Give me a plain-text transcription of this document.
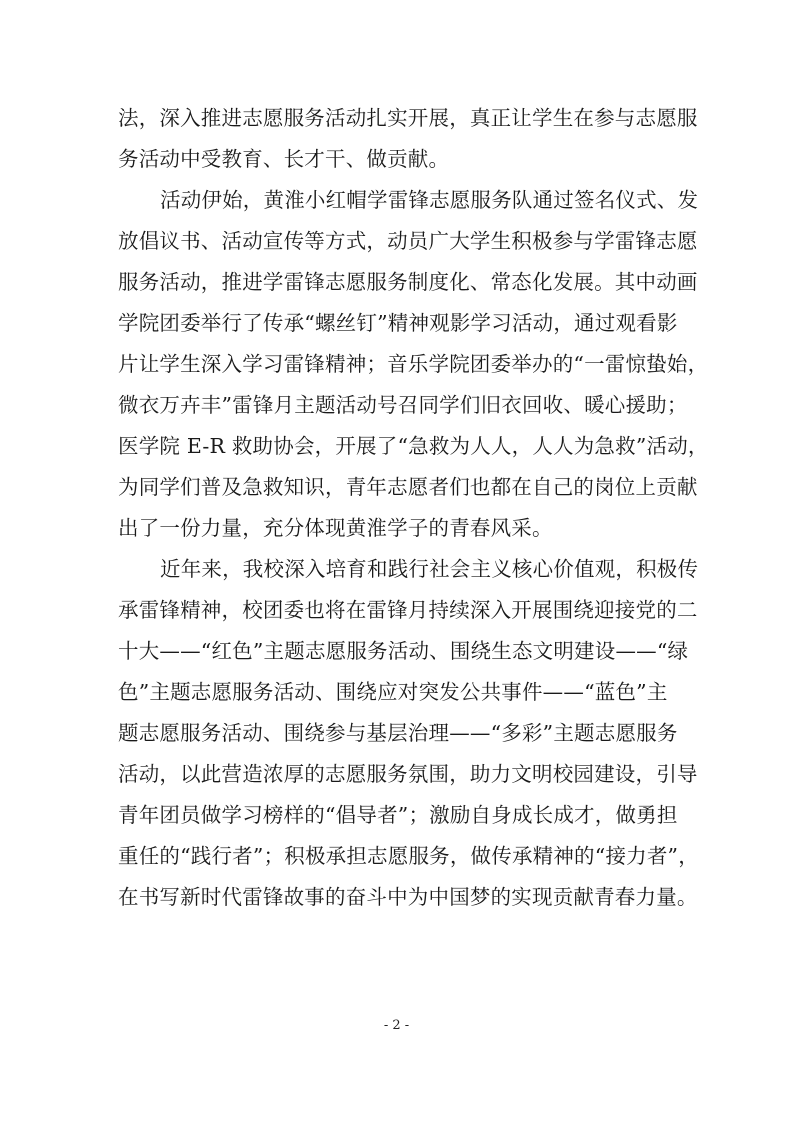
法，深入推进志愿服务活动扎实开展，真正让学生在参与志愿服
务活动中受教育、长才干、做贡献。
活动伊始，黄淮小红帽学雷锋志愿服务队通过签名仪式、发
放倡议书、活动宣传等方式，动员广大学生积极参与学雷锋志愿
服务活动，推进学雷锋志愿服务制度化、常态化发展。其中动画
学院团委举行了传承“螺丝钉”精神观影学习活动，通过观看影
片让学生深入学习雷锋精神；音乐学院团委举办的“一雷惊蛰始，
微衣万卉丰”雷锋月主题活动号召同学们旧衣回收、暖心援助；
医学院 E-R 救助协会，开展了“急救为人人，人人为急救”活动，
为同学们普及急救知识，青年志愿者们也都在自己的岗位上贡献
出了一份力量，充分体现黄淮学子的青春风采。
近年来，我校深入培育和践行社会主义核心价值观，积极传
承雷锋精神，校团委也将在雷锋月持续深入开展围绕迎接党的二
十大——“红色”主题志愿服务活动、围绕生态文明建设——“绿
色”主题志愿服务活动、围绕应对突发公共事件——“蓝色”主
题志愿服务活动、围绕参与基层治理——“多彩”主题志愿服务
活动，以此营造浓厚的志愿服务氛围，助力文明校园建设，引导
青年团员做学习榜样的“倡导者”；激励自身成长成才，做勇担
重任的“践行者”；积极承担志愿服务，做传承精神的“接力者”，
在书写新时代雷锋故事的奋斗中为中国梦的实现贡献青春力量。
- 2 -
